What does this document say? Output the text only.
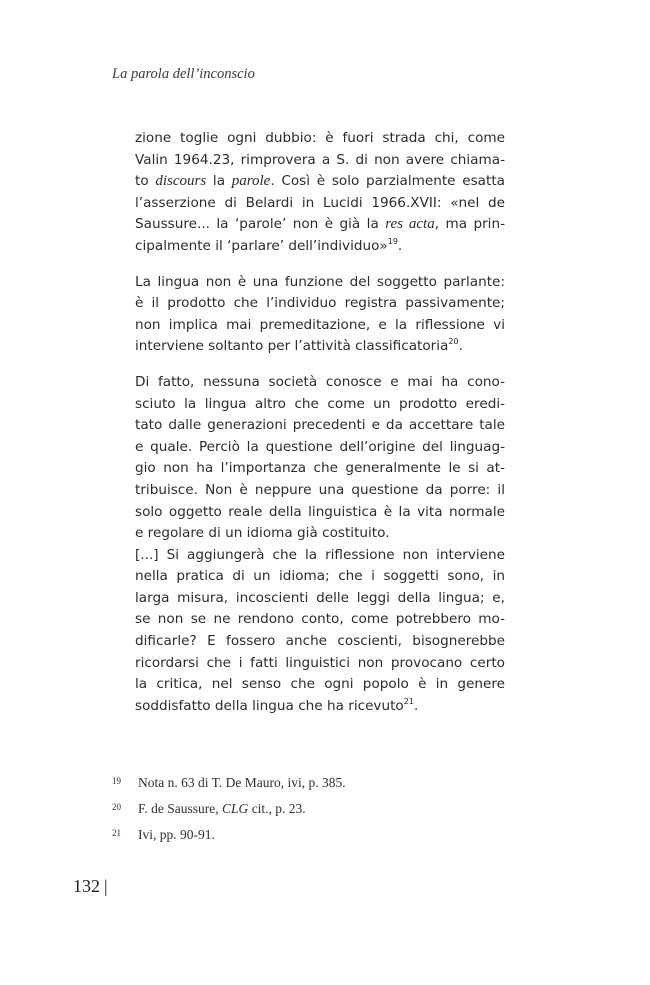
La parola dell’inconscio

zione toglie ogni dubbio: è fuori strada chi, come
Valin 1964.23, rimprovera a S. di non avere chiama-
to discours la parole. Così è solo parzialmente esatta
l’asserzione di Belardi in Lucidi 1966.XVII: «nel de
Saussure... la ‘parole’ non è già la res acta, ma prin-
cipalmente il ‘parlare’ dell’individuo»$^{19}$.

La lingua non è una funzione del soggetto parlante:
è il prodotto che l’individuo registra passivamente;
non implica mai premeditazione, e la riflessione vi
interviene soltanto per l’attività classificatoria$^{20}$.

Di fatto, nessuna società conosce e mai ha cono-
sciuto la lingua altro che come un prodotto eredi-
tato dalle generazioni precedenti e da accettare tale
e quale. Perciò la questione dell’origine del linguag-
gio non ha l’importanza che generalmente le si at-
tribuisce. Non è neppure una questione da porre: il
solo oggetto reale della linguistica è la vita normale
e regolare di un idioma già costituito.

[...] Si aggiungerà che la riflessione non interviene
nella pratica di un idioma; che i soggetti sono, in
larga misura, incoscienti delle leggi della lingua; e,
se non se ne rendono conto, come potrebbero mo-
dificarle? E fossero anche coscienti, bisognerebbe
ricordarsi che i fatti linguistici non provocano certo
la critica, nel senso che ogni popolo è in genere
soddisfatto della lingua che ha ricevuto$^{21}$.

19	Nota n. 63 di T. De Mauro, ivi, p. 385.
20	F. de Saussure, CLG cit., p. 23.
21	Ivi, pp. 90-91.
132 |
